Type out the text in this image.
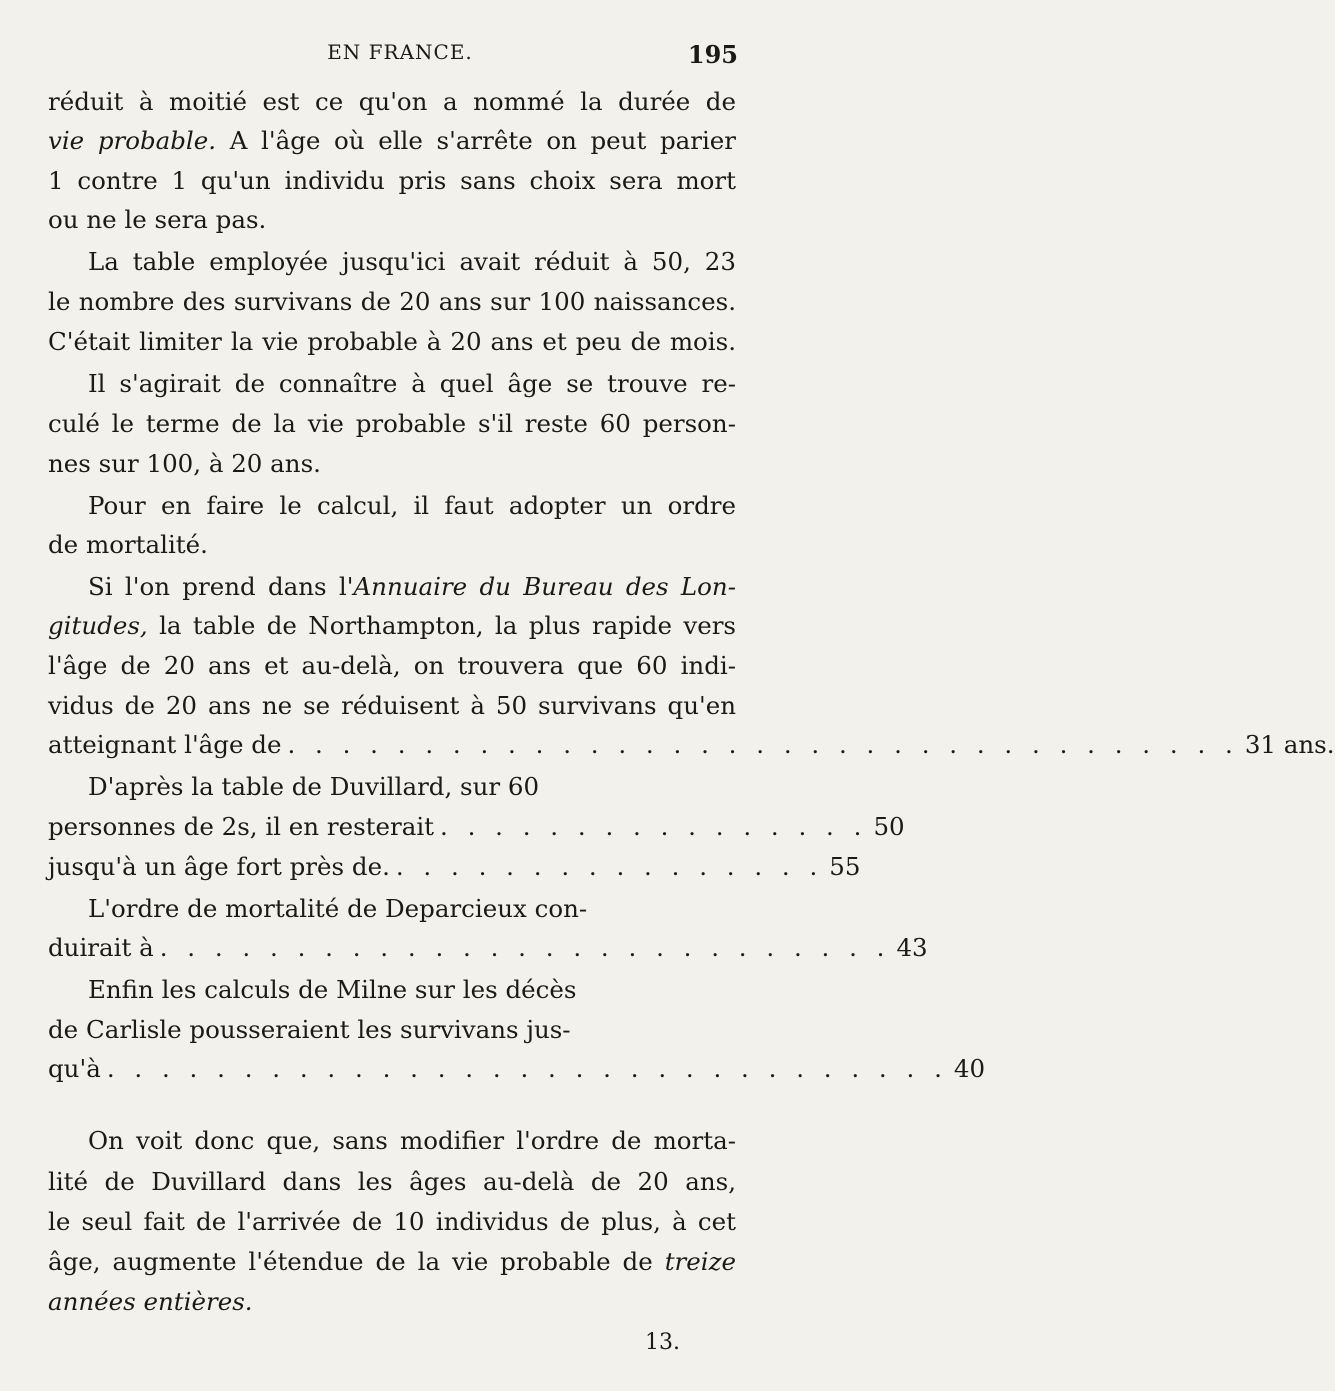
EN FRANCE.	195
réduit à moitié est ce qu'on a nommé la durée de
vie probable. A l'âge où elle s'arrête on peut parier
1 contre 1 qu'un individu pris sans choix sera mort
ou ne le sera pas.
La table employée jusqu'ici avait réduit à 50, 23
le nombre des survivans de 20 ans sur 100 naissances.
C'était limiter la vie probable à 20 ans et peu de mois.
Il s'agirait de connaître à quel âge se trouve re-
culé le terme de la vie probable s'il reste 60 person-
nes sur 100, à 20 ans.
Pour en faire le calcul, il faut adopter un ordre
de mortalité.
Si l'on prend dans l'Annuaire du Bureau des Lon-
gitudes, la table de Northampton, la plus rapide vers
l'âge de 20 ans et au-delà, on trouvera que 60 indi-
vidus de 20 ans ne se réduisent à 50 survivans qu'en
atteignant l'âge de . . . . . . . . . . . . . . . . . . . . . . . . . . . . . . . . . . . 31 ans.
D'après la table de Duvillard, sur 60
personnes de 2s, il en resterait . . . . . . . . . . . . . . . . 50
jusqu'à un âge fort près de. . . . . . . . . . . . . . . . . 55
L'ordre de mortalité de Deparcieux con-
duirait à . . . . . . . . . . . . . . . . . . . . . . . . . . . 43
Enfin les calculs de Milne sur les décès
de Carlisle pousseraient les survivans jus-
qu'à . . . . . . . . . . . . . . . . . . . . . . . . . . . . . . . 40
On voit donc que, sans modifier l'ordre de morta-
lité de Duvillard dans les âges au-delà de 20 ans,
le seul fait de l'arrivée de 10 individus de plus, à cet
âge, augmente l'étendue de la vie probable de treize
années entières.
13.
